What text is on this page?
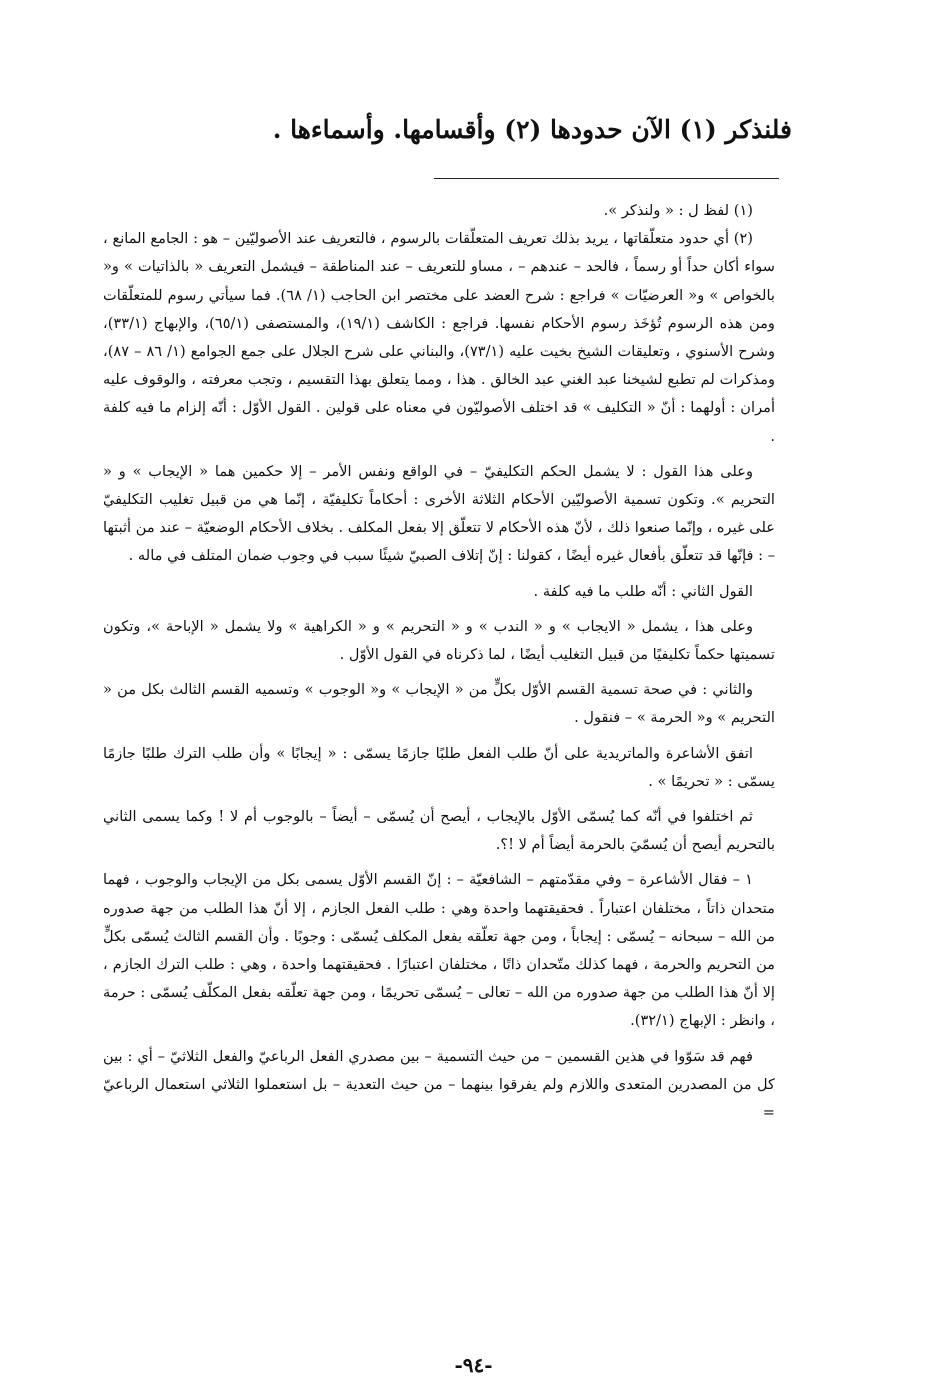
فلنذكر (١) الآن حدودها (٢) وأقسامها. وأسماءها .

(١) لفظ ل : « ولنذكر ».

(٢) أي حدود متعلّقاتها ، يريد بذلك تعريف المتعلّقات بالرسوم ، فالتعريف عند الأصوليّين – هو : الجامع المانع ، سواء أكان حداً أو رسماً ، فالحد – عندهم – ، مساو للتعريف – عند المناطقة – فيشمل التعريف « بالذاتيات » و« بالخواص » و« العرضيّات » فراجع : شرح العضد على مختصر ابن الحاجب (١/ ٦٨). فما سيأتي رسوم للمتعلّقات ومن هذه الرسوم تُؤخَذ رسوم الأحكام نفسها. فراجع : الكاشف (١٩/١)، والمستصفى (٦٥/١)، والإبهاج (٣٣/١)، وشرح الأسنوي ، وتعليقات الشيخ بخيت عليه (٧٣/١)، والبناني على شرح الجلال على جمع الجوامع (١/ ٨٦ – ٨٧)، ومذكرات لم تطبع لشيخنا عبد الغني عبد الخالق . هذا ، ومما يتعلق بهذا التقسيم ، وتجب معرفته ، والوقوف عليه أمران : أولهما : أنّ « التكليف » قد اختلف الأصوليّون في معناه على قولين . القول الأوّل : أنّه إلزام ما فيه كلفة .

وعلى هذا القول : لا يشمل الحكم التكليفيّ – في الواقع ونفس الأمر – إلا حكمين هما « الإيجاب » و « التحريم ». وتكون تسمية الأصوليّين الأحكام الثلاثة الأخرى : أحكاماً تكليفيّة ، إنّما هي من قبيل تغليب التكليفيّ على غيره ، وإنّما صنعوا ذلك ، لأنّ هذه الأحكام لا تتعلّق إلا بفعل المكلف . بخلاف الأحكام الوضعيّة – عند من أثبتها – : فإنّها قد تتعلّق بأفعال غيره أيضًا ، كقولنا : إنّ إتلاف الصبيّ شيئًا سبب في وجوب ضمان المتلف في ماله .

القول الثاني : أنّه طلب ما فيه كلفة .

وعلى هذا ، يشمل « الايجاب » و « الندب » و « التحريم » و « الكراهية » ولا يشمل « الإباحة »، وتكون تسميتها حكماً تكليفيًا من قبيل التغليب أيضًا ، لما ذكرناه في القول الأوّل .

والثاني : في صحة تسمية القسم الأوّل بكلٍّ من « الإيجاب » و« الوجوب » وتسميه القسم الثالث بكل من « التحريم » و« الحرمة » – فنقول .

اتفق الأشاعرة والماتريدية على أنّ طلب الفعل طلبًا جازمًا يسمّى : « إيجابًا » وأن طلب الترك طلبًا جازمًا يسمّى : « تحريمًا » .

ثم اختلفوا في أنّه كما يُسمّى الأوّل بالإيجاب ، أيصح أن يُسمّى – أيضاً – بالوجوب أم لا ! وكما يسمى الثاني بالتحريم أيصح أن يُسمّيَ بالحرمة أيضاً أم لا !؟.

١ – فقال الأشاعرة – وفي مقدّمتهم – الشافعيّة – : إنّ القسم الأوّل يسمى بكل من الإيجاب والوجوب ، فهما متحدان ذاتاً ، مختلفان اعتباراً . فحقيقتهما واحدة وهي : طلب الفعل الجازم ، إلا أنّ هذا الطلب من جهة صدوره من الله – سبحانه – يُسمّى : إيجاباً ، ومن جهة تعلّقه بفعل المكلف يُسمّى : وجوبًا . وأن القسم الثالث يُسمّى بكلٍّ من التحريم والحرمة ، فهما كذلك متّحدان ذاتًا ، مختلفان اعتبارًا . فحقيقتهما واحدة ، وهي : طلب الترك الجازم ، إلا أنّ هذا الطلب من جهة صدوره من الله – تعالى – يُسمّى تحريمًا ، ومن جهة تعلّقه بفعل المكلّف يُسمّى : حرمة ، وانظر : الإبهاج (٣٢/١).

فهم قد سَوّوا في هذين القسمين – من حيث التسمية – بين مصدري الفعل الرباعيّ والفعل الثلاثيّ – أي : بين كل من المصدرين المتعدى واللازم ولم يفرقوا بينهما – من حيث التعدية – بل استعملوا الثلاثي استعمال الرباعيّ =

-٩٤-
